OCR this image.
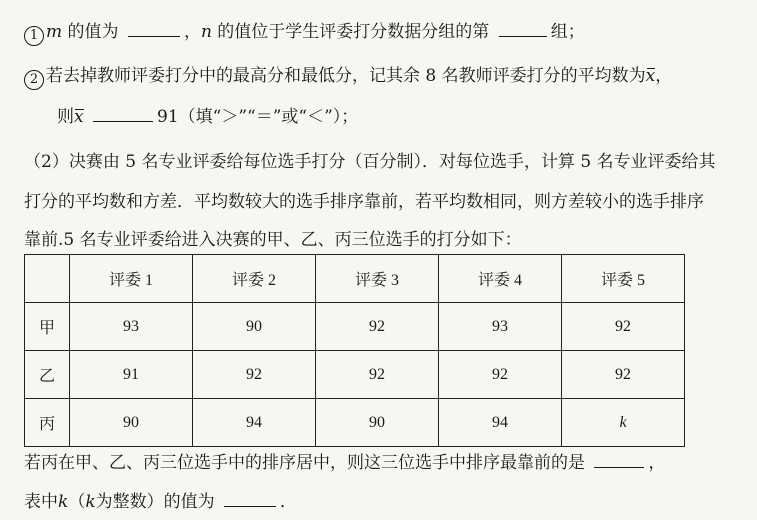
1 m 的值为	，n 的值位于学生评委打分数据分组的第	组；
2 若去掉教师评委打分中的最高分和最低分，记其余 8 名教师评委打分的平均数为x，
则x	91（填“＞”“＝”或“＜”）；
（2）决赛由 5 名专业评委给每位选手打分（百分制）．对每位选手，计算 5 名专业评委给其
打分的平均数和方差．平均数较大的选手排序靠前，若平均数相同，则方差较小的选手排序
靠前.5 名专业评委给进入决赛的甲、乙、丙三位选手的打分如下：
	评委 1	评委 2	评委 3	评委 4	评委 5
甲	93	90	92	93	92
乙	91	92	92	92	92
丙	90	94	90	94	k
若丙在甲、乙、丙三位选手中的排序居中，则这三位选手中排序最靠前的是	，
表中k（k为整数）的值为	．
